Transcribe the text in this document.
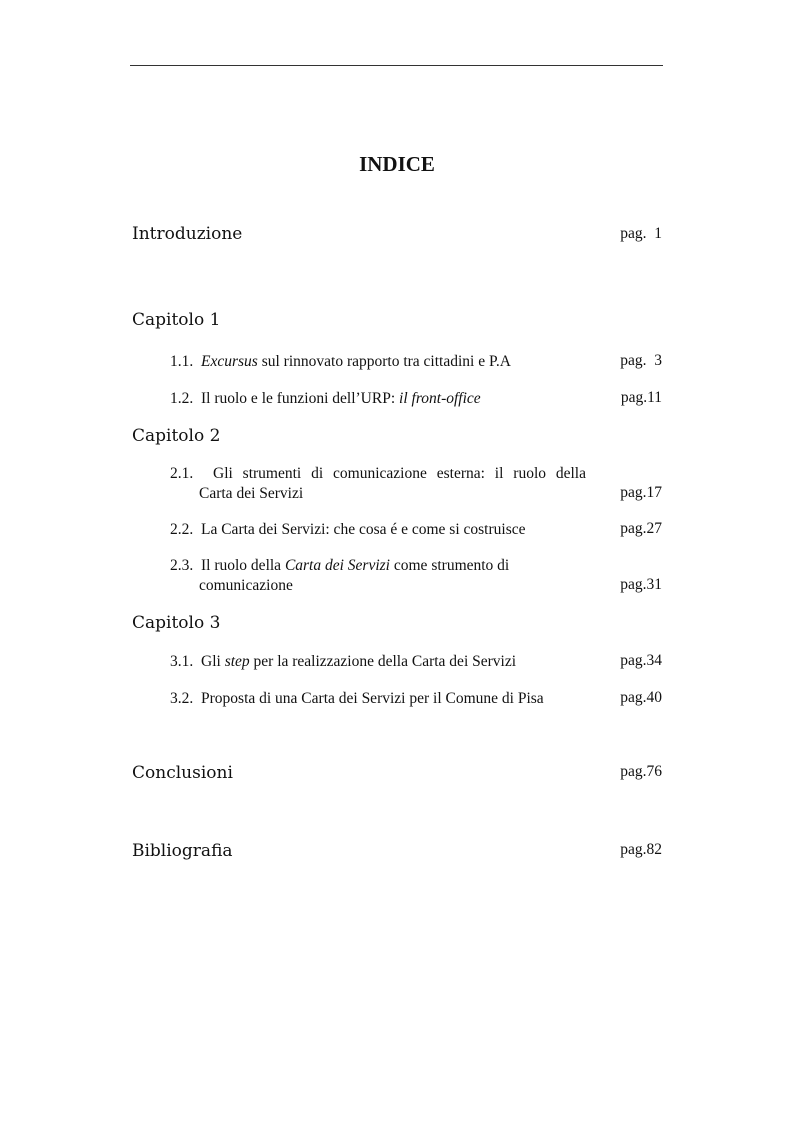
INDICE
Introduzione	pag.  1
Capitolo 1
1.1. Excursus sul rinnovato rapporto tra cittadini e P.A	pag.  3
1.2. Il ruolo e le funzioni dell’URP: il front-office	pag.11
Capitolo 2
2.1. Gli strumenti di comunicazione esterna: il ruolo della
Carta dei Servizi	pag.17
2.2. La Carta dei Servizi: che cosa é e come si costruisce	pag.27
2.3. Il ruolo della Carta dei Servizi come strumento di
comunicazione	pag.31
Capitolo 3
3.1. Gli step per la realizzazione della Carta dei Servizi	pag.34
3.2. Proposta di una Carta dei Servizi per il Comune di Pisa	pag.40
Conclusioni	pag.76
Bibliografia	pag.82
